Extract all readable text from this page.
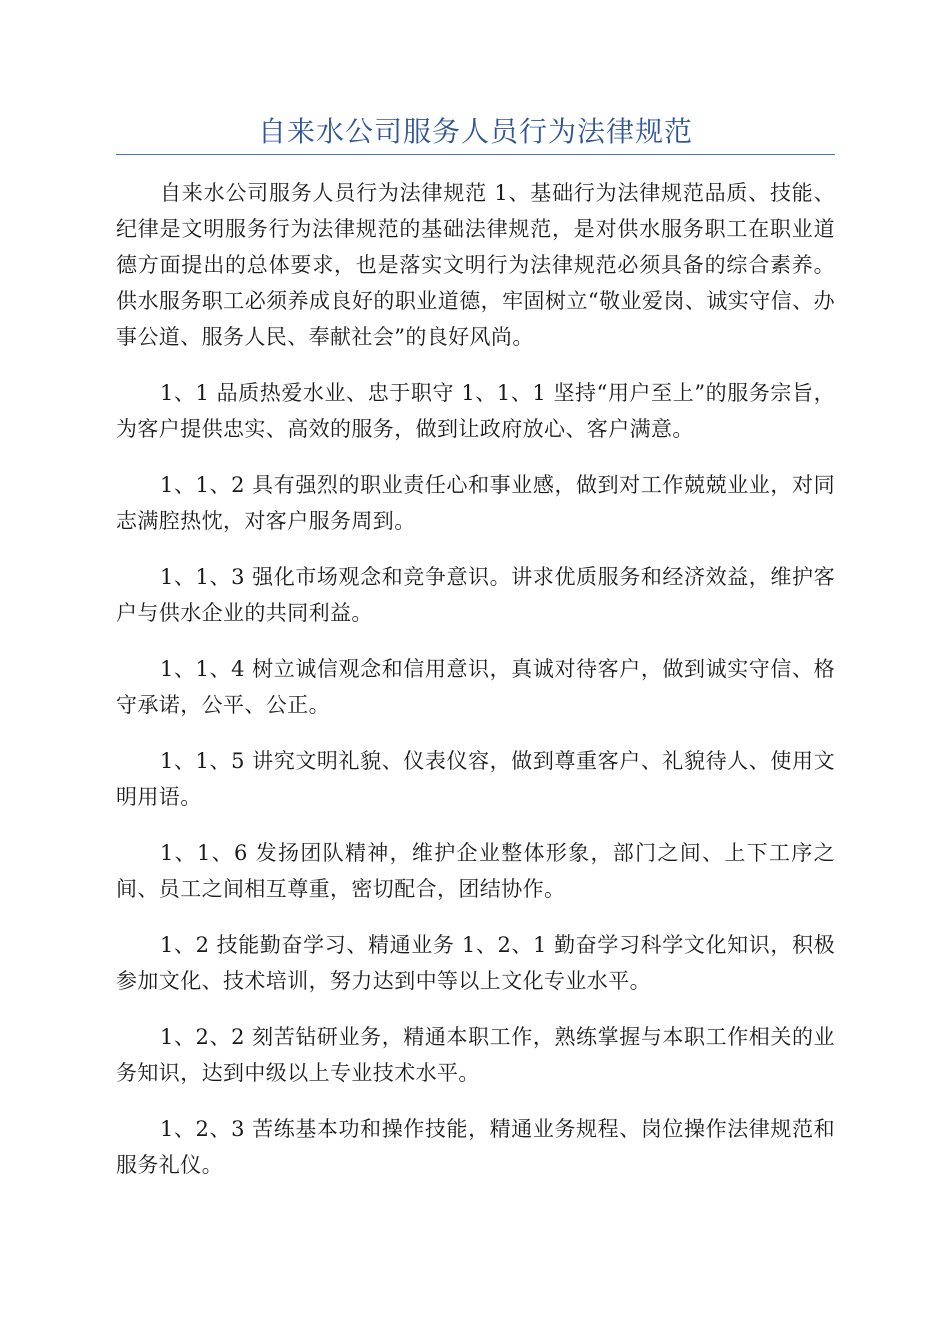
自来水公司服务人员行为法律规范

自来水公司服务人员行为法律规范 1、基础行为法律规范品质、技能、纪律是文明服务行为法律规范的基础法律规范，是对供水服务职工在职业道德方面提出的总体要求，也是落实文明行为法律规范必须具备的综合素养。供水服务职工必须养成良好的职业道德，牢固树立“敬业爱岗、诚实守信、办事公道、服务人民、奉献社会”的良好风尚。

1、1 品质热爱水业、忠于职守 1、1、1 坚持“用户至上”的服务宗旨，为客户提供忠实、高效的服务，做到让政府放心、客户满意。

1、1、2 具有强烈的职业责任心和事业感，做到对工作兢兢业业，对同志满腔热忱，对客户服务周到。

1、1、3 强化市场观念和竞争意识。讲求优质服务和经济效益，维护客户与供水企业的共同利益。

1、1、4 树立诚信观念和信用意识，真诚对待客户，做到诚实守信、格守承诺，公平、公正。

1、1、5 讲究文明礼貌、仪表仪容，做到尊重客户、礼貌待人、使用文明用语。

1、1、6 发扬团队精神，维护企业整体形象，部门之间、上下工序之间、员工之间相互尊重，密切配合，团结协作。

1、2 技能勤奋学习、精通业务 1、2、1 勤奋学习科学文化知识，积极参加文化、技术培训，努力达到中等以上文化专业水平。

1、2、2 刻苦钻研业务，精通本职工作，熟练掌握与本职工作相关的业务知识，达到中级以上专业技术水平。

1、2、3 苦练基本功和操作技能，精通业务规程、岗位操作法律规范和服务礼仪。
